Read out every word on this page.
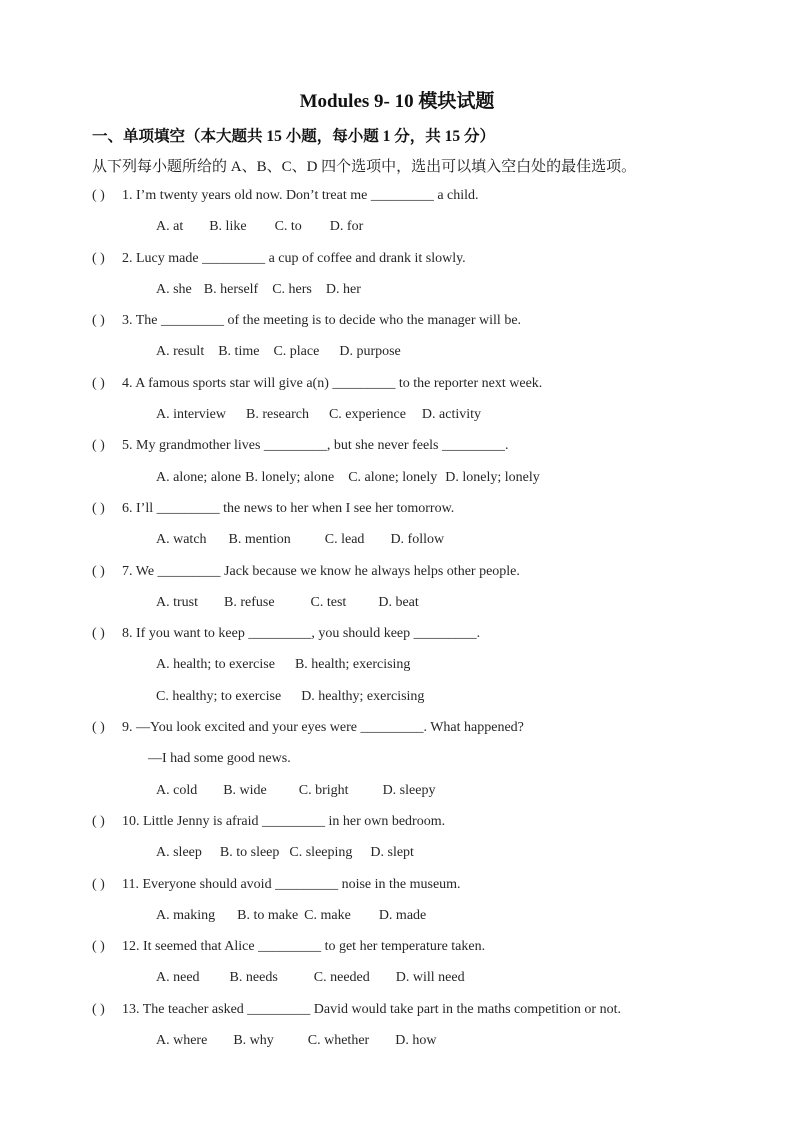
Modules 9- 10 模块试题
一、单项填空（本大题共 15 小题，每小题 1 分，共 15 分）
从下列每小题所给的 A、B、C、D 四个选项中，选出可以填入空白处的最佳选项。
( ) 1. I’m twenty years old now. Don’t treat me _________ a child.
A. at B. like C. to D. for
( ) 2. Lucy made _________ a cup of coffee and drank it slowly.
A. she B. herself C. hers D. her
( ) 3. The _________ of the meeting is to decide who the manager will be.
A. result B. time C. place D. purpose
( ) 4. A famous sports star will give a(n) _________ to the reporter next week.
A. interview B. research C. experience D. activity
( ) 5. My grandmother lives _________, but she never feels _________.
A. alone; alone B. lonely; alone C. alone; lonely D. lonely; lonely
( ) 6. I’ll _________ the news to her when I see her tomorrow.
A. watch B. mention C. lead D. follow
( ) 7. We _________ Jack because we know he always helps other people.
A. trust B. refuse	C. test D. beat
( ) 8. If you want to keep _________, you should keep _________.
A. health; to exercise B. health; exercising
C. healthy; to exercise D. healthy; exercising
( ) 9. —You look excited and your eyes were _________. What happened?
—I had some good news.
A. cold B. wide C. bright D. sleepy
( ) 10. Little Jenny is afraid _________ in her own bedroom.
A. sleep B. to sleep C. sleeping D. slept
( ) 11. Everyone should avoid _________ noise in the museum.
A. making B. to make C. make D. made
( ) 12. It seemed that Alice _________ to get her temperature taken.
A. need B. needs	C. needed D. will need
( ) 13. The teacher asked _________ David would take part in the maths competition or not.
A. where B. why C. whether D. how
